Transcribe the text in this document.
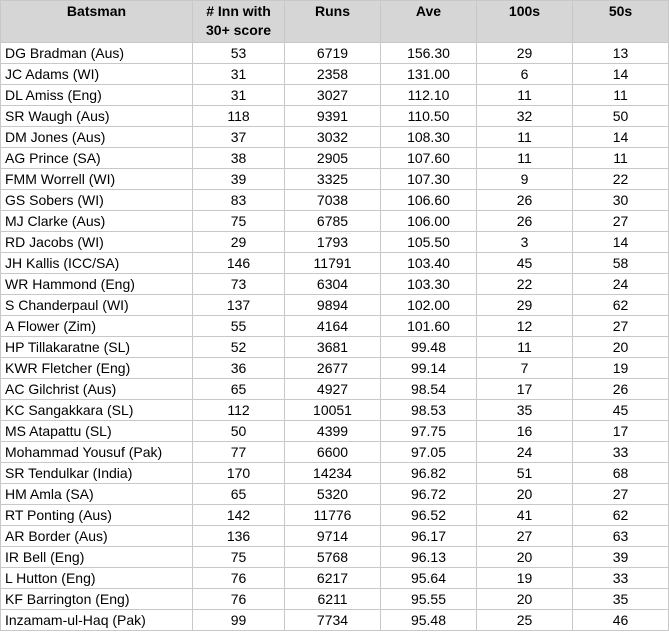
Batsman	# Inn with 30+ score	Runs	Ave	100s	50s
DG Bradman (Aus)	53	6719	156.30	29	13
JC Adams (WI)	31	2358	131.00	6	14
DL Amiss (Eng)	31	3027	112.10	11	11
SR Waugh (Aus)	118	9391	110.50	32	50
DM Jones (Aus)	37	3032	108.30	11	14
AG Prince (SA)	38	2905	107.60	11	11
FMM Worrell (WI)	39	3325	107.30	9	22
GS Sobers (WI)	83	7038	106.60	26	30
MJ Clarke (Aus)	75	6785	106.00	26	27
RD Jacobs (WI)	29	1793	105.50	3	14
JH Kallis (ICC/SA)	146	11791	103.40	45	58
WR Hammond (Eng)	73	6304	103.30	22	24
S Chanderpaul (WI)	137	9894	102.00	29	62
A Flower (Zim)	55	4164	101.60	12	27
HP Tillakaratne (SL)	52	3681	99.48	11	20
KWR Fletcher (Eng)	36	2677	99.14	7	19
AC Gilchrist (Aus)	65	4927	98.54	17	26
KC Sangakkara (SL)	112	10051	98.53	35	45
MS Atapattu (SL)	50	4399	97.75	16	17
Mohammad Yousuf (Pak)	77	6600	97.05	24	33
SR Tendulkar (India)	170	14234	96.82	51	68
HM Amla (SA)	65	5320	96.72	20	27
RT Ponting (Aus)	142	11776	96.52	41	62
AR Border (Aus)	136	9714	96.17	27	63
IR Bell (Eng)	75	5768	96.13	20	39
L Hutton (Eng)	76	6217	95.64	19	33
KF Barrington (Eng)	76	6211	95.55	20	35
Inzamam-ul-Haq (Pak)	99	7734	95.48	25	46
